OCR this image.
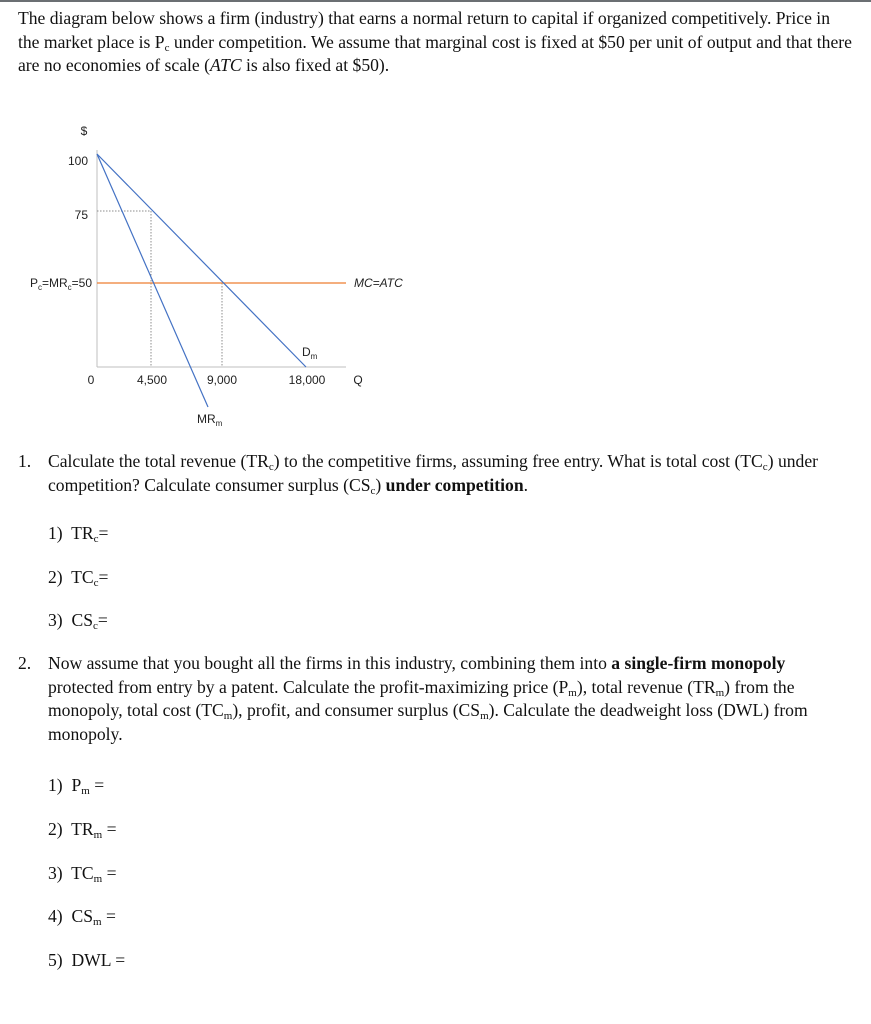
The diagram below shows a firm (industry) that earns a normal return to capital if organized competitively. Price in the market place is $P_c$ under competition. We assume that marginal cost is fixed at $50 per unit of output and that there are no economies of scale (ATC is also fixed at $50).

$
100
75
$P_c=MR_c=50$
0	4,500	9,000	18,000 Q
MC=ATC
$D_m$
$MR_m$
1. Calculate the total revenue $(TR_c)$ to the competitive firms, assuming free entry. What is total cost $(TC_c)$ under competition? Calculate consumer surplus $(CS_c)$ under competition.

1) $TR_c=$

2) $TC_c=$

3) $CS_c=$

2. Now assume that you bought all the firms in this industry, combining them into a single-firm monopoly protected from entry by a patent. Calculate the profit-maximizing price $(P_m)$, total revenue $(TR_m)$ from the monopoly, total cost $(TC_m)$, profit, and consumer surplus $(CS_m)$. Calculate the deadweight loss (DWL) from monopoly.

1) $P_m$ =

2) $TR_m$ =

3) $TC_m$ =

4) $CS_m$ =

5) DWL =
